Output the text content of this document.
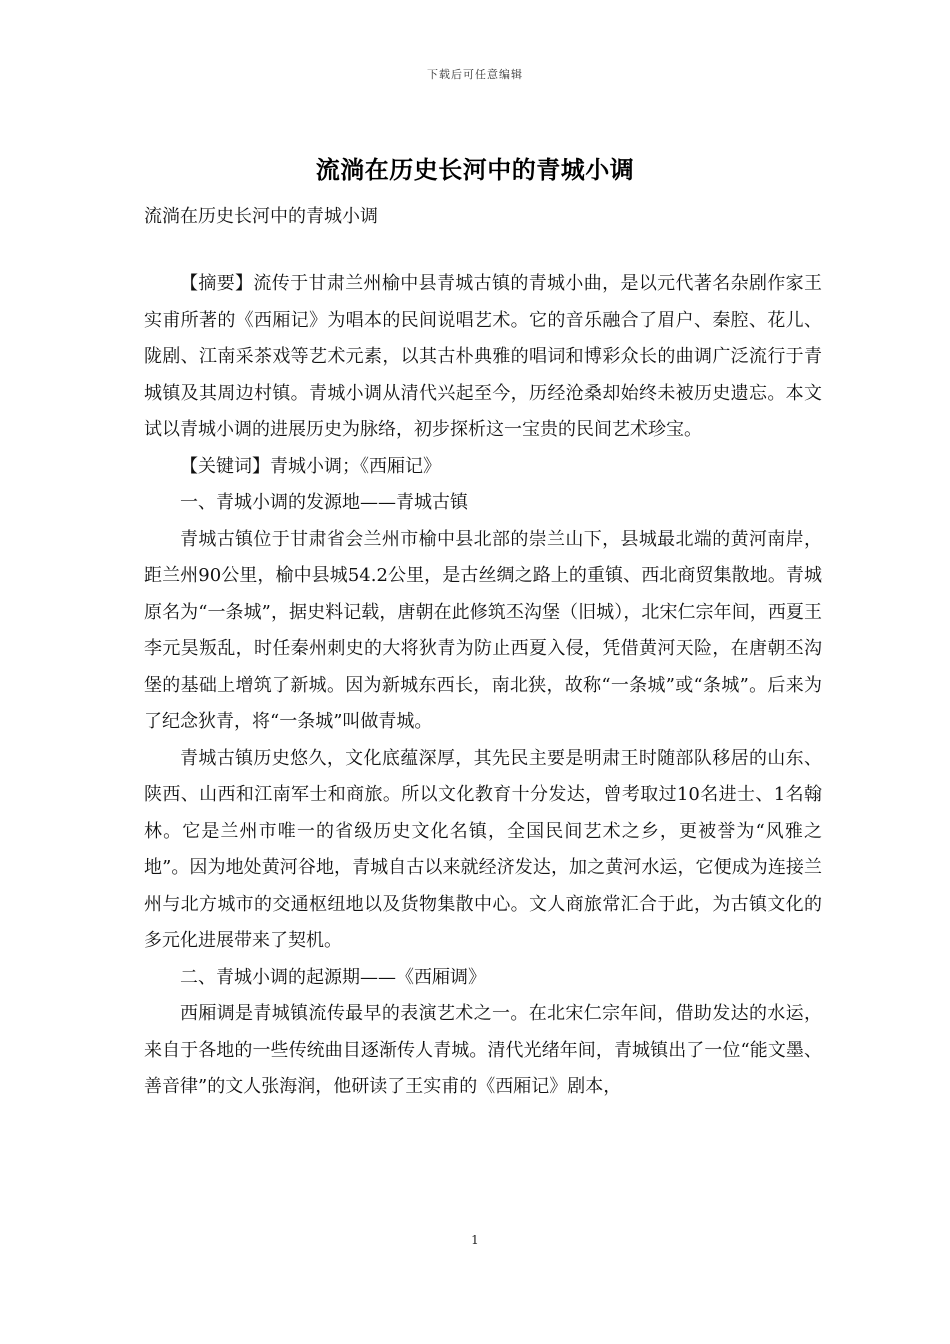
下载后可任意编辑
流淌在历史长河中的青城小调
流淌在历史长河中的青城小调

【摘要】流传于甘肃兰州榆中县青城古镇的青城小曲，是以元代著名杂剧作家王实甫所著的《西厢记》为唱本的民间说唱艺术。它的音乐融合了眉户、秦腔、花儿、陇剧、江南采茶戏等艺术元素，以其古朴典雅的唱词和博彩众长的曲调广泛流行于青城镇及其周边村镇。青城小调从清代兴起至今，历经沧桑却始终未被历史遗忘。本文试以青城小调的进展历史为脉络，初步探析这一宝贵的民间艺术珍宝。

【关键词】青城小调；《西厢记》

一、青城小调的发源地——青城古镇

青城古镇位于甘肃省会兰州市榆中县北部的崇兰山下，县城最北端的黄河南岸，距兰州90公里，榆中县城54.2公里，是古丝绸之路上的重镇、西北商贸集散地。青城原名为“一条城”，据史料记载，唐朝在此修筑丕沟堡（旧城），北宋仁宗年间，西夏王李元昊叛乱，时任秦州刺史的大将狄青为防止西夏入侵，凭借黄河天险，在唐朝丕沟堡的基础上增筑了新城。因为新城东西长，南北狭，故称“一条城”或“条城”。后来为了纪念狄青，将“一条城”叫做青城。

青城古镇历史悠久，文化底蕴深厚，其先民主要是明肃王时随部队移居的山东、陕西、山西和江南军士和商旅。所以文化教育十分发达，曾考取过10名进士、1名翰林。它是兰州市唯一的省级历史文化名镇，全国民间艺术之乡，更被誉为“风雅之地”。因为地处黄河谷地，青城自古以来就经济发达，加之黄河水运，它便成为连接兰州与北方城市的交通枢纽地以及货物集散中心。文人商旅常汇合于此，为古镇文化的多元化进展带来了契机。

二、青城小调的起源期——《西厢调》

西厢调是青城镇流传最早的表演艺术之一。在北宋仁宗年间，借助发达的水运，来自于各地的一些传统曲目逐渐传人青城。清代光绪年间，青城镇出了一位“能文墨、善音律”的文人张海润，他研读了王实甫的《西厢记》剧本，

1
